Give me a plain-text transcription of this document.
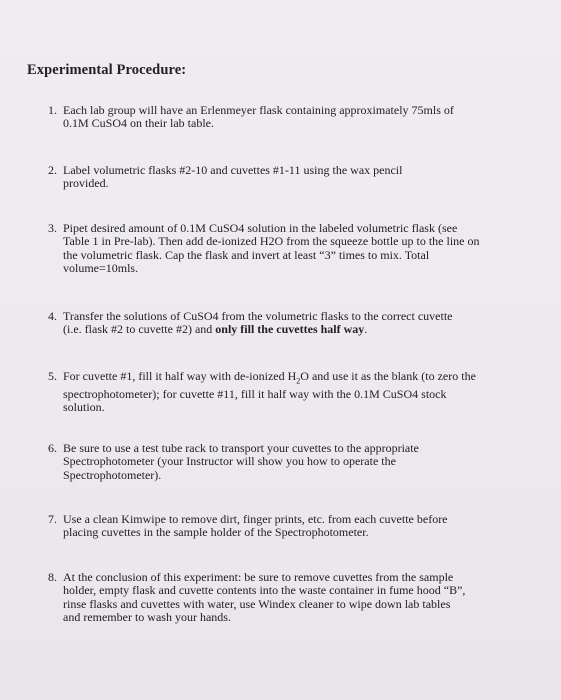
Experimental Procedure:
1. Each lab group will have an Erlenmeyer flask containing approximately 75mls of
0.1M CuSO4 on their lab table.
2. Label volumetric flasks #2-10 and cuvettes #1-11 using the wax pencil
provided.
3. Pipet desired amount of 0.1M CuSO4 solution in the labeled volumetric flask (see
Table 1 in Pre-lab). Then add de-ionized H2O from the squeeze bottle up to the line on
the volumetric flask. Cap the flask and invert at least “3” times to mix. Total
volume=10mls.
4. Transfer the solutions of CuSO4 from the volumetric flasks to the correct cuvette
(i.e. flask #2 to cuvette #2) and only fill the cuvettes half way.
5. For cuvette #1, fill it half way with de-ionized $H_2O$ and use it as the blank (to zero the
spectrophotometer); for cuvette #11, fill it half way with the 0.1M CuSO4 stock
solution.
6. Be sure to use a test tube rack to transport your cuvettes to the appropriate
Spectrophotometer (your Instructor will show you how to operate the
Spectrophotometer).
7. Use a clean Kimwipe to remove dirt, finger prints, etc. from each cuvette before
placing cuvettes in the sample holder of the Spectrophotometer.
8. At the conclusion of this experiment: be sure to remove cuvettes from the sample
holder, empty flask and cuvette contents into the waste container in fume hood “B”,
rinse flasks and cuvettes with water, use Windex cleaner to wipe down lab tables
and remember to wash your hands.
